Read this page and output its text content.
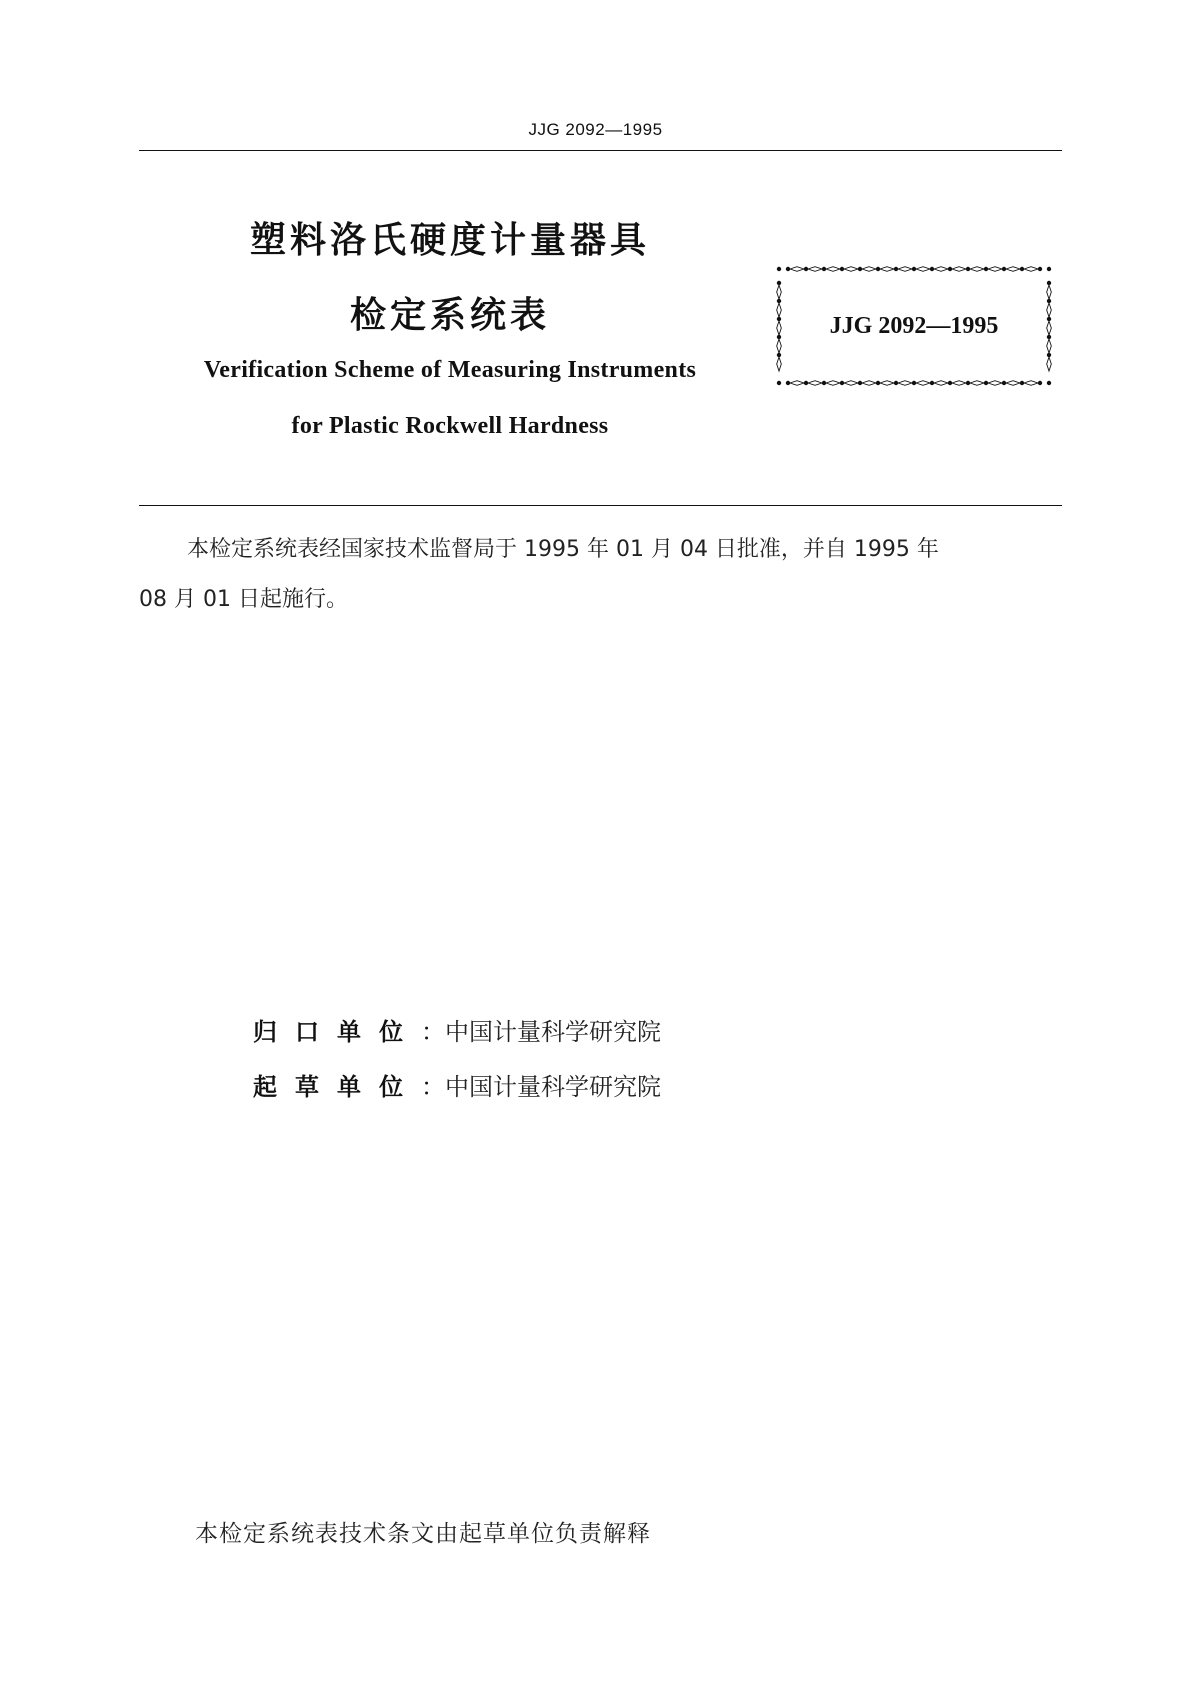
JJG 2092—1995
塑料洛氏硬度计量器具
检定系统表
Verification Scheme of Measuring Instruments
for Plastic Rockwell Hardness
JJG 2092—1995
本检定系统表经国家技术监督局于 1995 年 01 月 04 日批准，并自 1995 年
08 月 01 日起施行。
归口单位：中国计量科学研究院
起草单位：中国计量科学研究院
本检定系统表技术条文由起草单位负责解释
